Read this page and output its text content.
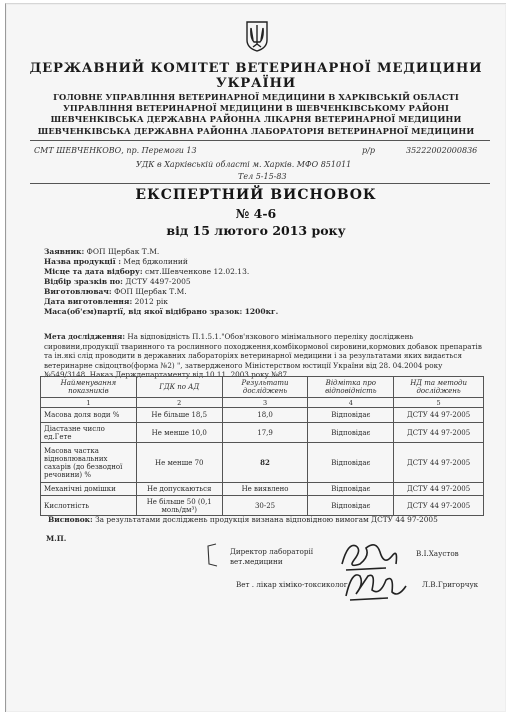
ДЕРЖАВНИЙ КОМІТЕТ ВЕТЕРИНАРНОЇ МЕДИЦИНИ
УКРАЇНИ
ГОЛОВНЕ УПРАВЛІННЯ ВЕТЕРИНАРНОЇ МЕДИЦИНИ В ХАРКІВСЬКІЙ ОБЛАСТІ
УПРАВЛІННЯ ВЕТЕРИНАРНОЇ МЕДИЦИНИ В ШЕВЧЕНКІВСЬКОМУ РАЙОНІ
ШЕВЧЕНКІВСЬКА ДЕРЖАВНА РАЙОННА ЛІКАРНЯ ВЕТЕРИНАРНОЇ МЕДИЦИНИ
ШЕВЧЕНКІВСЬКА ДЕРЖАВНА РАЙОННА ЛАБОРАТОРІЯ ВЕТЕРИНАРНОЇ МЕДИЦИНИ
СМТ ШЕВЧЕНКОВО, пр. Перемоги 13	р/р	35222002000836
УДК в Харківській області м. Харків. МФО 851011
Тел 5-15-83
ЕКСПЕРТНИЙ ВИСНОВОК
№ 4-6
від 15 лютого 2013 року
Заявник: ФОП Щербак Т.М.
Назва продукції : Мед бджолиний
Місце та дата відбору: смт.Шевченкове 12.02.13.
Відбір зразків по: ДСТУ 4497-2005
Виготовлювач: ФОП Щербак Т.М.
Дата виготовлення: 2012 рік
Маса(об'єм)партії, від якої відібрано зразок: 1200кг.
Мета дослідження: На відповідність П.1.5.1."Обов'язкового мінімального переліку досліджень сировини,продукції тваринного та рослинного походження,комбікормової сировини,кормових добавок препаратів та ін.які слід проводити в державних лабораторіях ветеринарної медицини і за результатами яких видається ветеринарне свідоцтво(форма №2) ", затвердженого Міністерством юстиції України від 28. 04.2004 року №549/3148. Наказ Держдепартаменту від 10.11. 2003 року №87
Найменування показників	ГДК по АД	Результати досліджень	Відмітка про відповідність	НД та методи досліджень
1	2	3	4	5
Масова доля води %	Не більше 18,5	18,0	Відповідає	ДСТУ 44 97-2005
Діастазне число ед.Гете	Не менше 10,0	17,9	Відповідає	ДСТУ 44 97-2005
Масова частка відновлювальних сахарів (до безводної речовини) %	Не менше 70	82	Відповідає	ДСТУ 44 97-2005
Механічні домішки	Не допускаються	Не виявлено	Відповідає	ДСТУ 44 97-2005
Кислотність	Не більше 50 (0,1 моль/дм³)	30-25	Відповідає	ДСТУ 44 97-2005
Висновок: За результатами досліджень продукція визнана відповідною вимогам ДСТУ 44 97-2005
М.П.
Директор лабораторії
вет.медицини
В.І.Хаустов
Вет . лікар хіміко-токсиколог	Л.В.Григорчук
